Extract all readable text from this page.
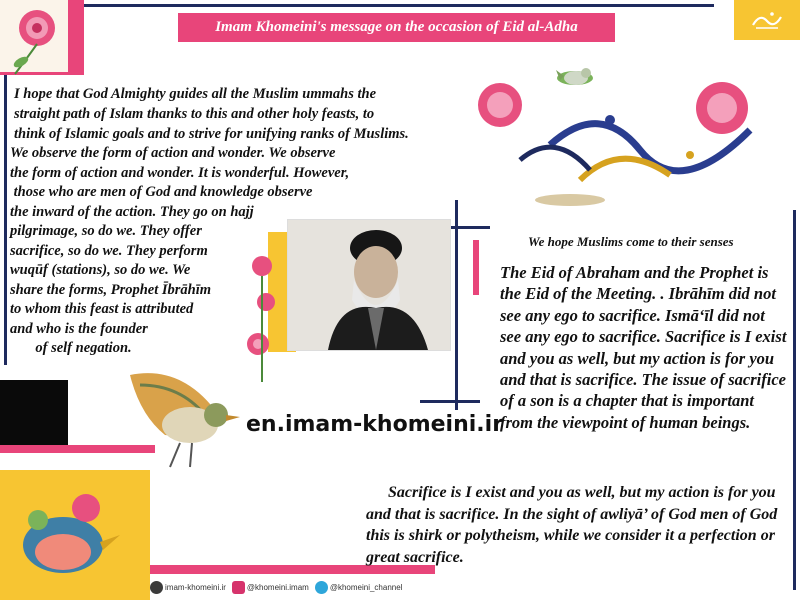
Imam Khomeini's message on the occasion of Eid al-Adha
I hope that God Almighty guides all the Muslim ummahs the
straight path of Islam thanks to this and other holy feasts, to
think of Islamic goals and to strive for unifying ranks of Muslims.
We observe the form of action and wonder. We observe
the form of action and wonder. It is wonderful. However,
those who are men of God and knowledge observe
the inward of the action. They go on hajj
pilgrimage, so do we. They offer
sacrifice, so do we. They perform
wuqūf (stations), so do we. We
share the forms, Prophet Ībrāhīm
to whom this feast is attributed
and who is the founder
of self negation.
We hope Muslims come to their senses
The Eid of Abraham and the Prophet is the Eid of the Meeting. . Ibrāhīm did not see any ego to sacrifice. Ismāʻīl did not see any ego to sacrifice. Sacrifice is I exist and you as well, but my action is for you and that is sacrifice. The issue of sacrifice of a son is a chapter that is important from the viewpoint of human beings.
en.imam-khomeini.ir
Sacrifice is I exist and you as well, but my action is for you and that is sacrifice. In the sight of awliyā’ of God men of God this is shirk or polytheism, while we consider it a perfection or great sacrifice.
imam-khomeini.ir	@khomeini.imam	@khomeini_channel
